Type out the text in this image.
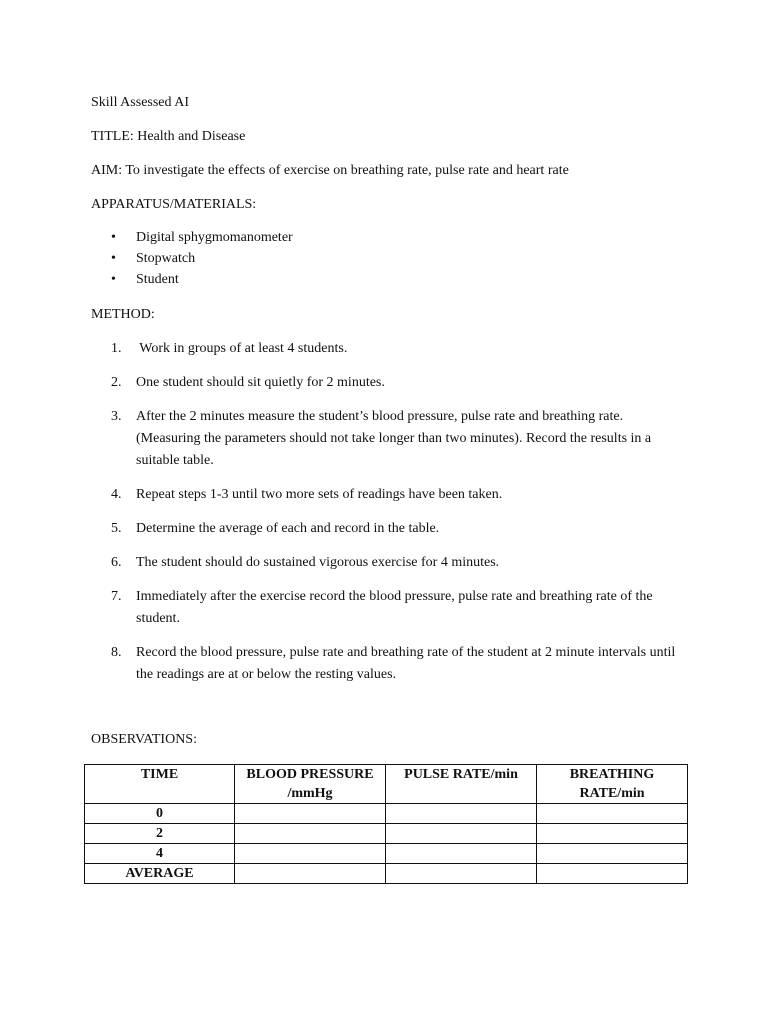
Skill Assessed AI
TITLE: Health and Disease
AIM: To investigate the effects of exercise on breathing rate, pulse rate and heart rate
APPARATUS/MATERIALS:
• Digital sphygmomanometer
• Stopwatch
• Student
METHOD:
1. Work in groups of at least 4 students.
2. One student should sit quietly for 2 minutes.
3. After the 2 minutes measure the student’s blood pressure, pulse rate and breathing rate. (Measuring the parameters should not take longer than two minutes). Record the results in a suitable table.
4. Repeat steps 1-3 until two more sets of readings have been taken.
5. Determine the average of each and record in the table.
6. The student should do sustained vigorous exercise for 4 minutes.
7. Immediately after the exercise record the blood pressure, pulse rate and breathing rate of the student.
8. Record the blood pressure, pulse rate and breathing rate of the student at 2 minute intervals until the readings are at or below the resting values.
OBSERVATIONS:
TIME	BLOOD PRESSURE /mmHg	PULSE RATE/min	BREATHING RATE/min
0			
2			
4			
AVERAGE			
